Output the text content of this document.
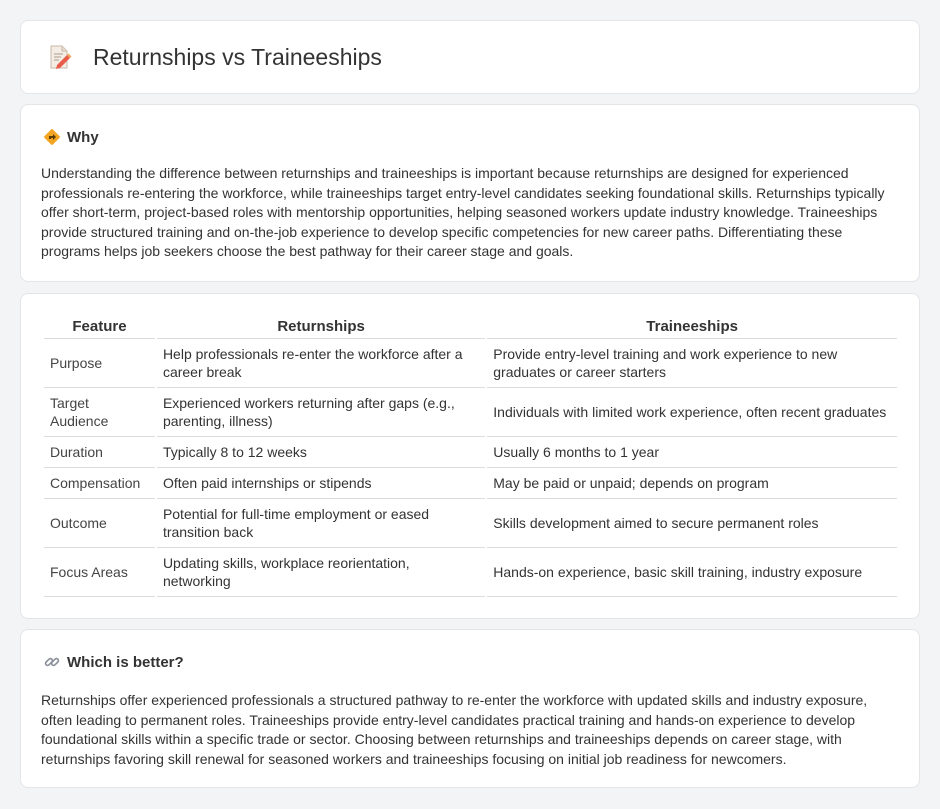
Returnships vs Traineeships
Why

Understanding the difference between returnships and traineeships is important because returnships are designed for experienced professionals re-entering the workforce, while traineeships target entry-level candidates seeking foundational skills. Returnships typically offer short-term, project-based roles with mentorship opportunities, helping seasoned workers update industry knowledge. Traineeships provide structured training and on-the-job experience to develop specific competencies for new career paths. Differentiating these programs helps job seekers choose the best pathway for their career stage and goals.

Feature	Returnships	Traineeships
Purpose	Help professionals re-enter the workforce after a career break	Provide entry-level training and work experience to new graduates or career starters
Target Audience	Experienced workers returning after gaps (e.g., parenting, illness)	Individuals with limited work experience, often recent graduates
Duration	Typically 8 to 12 weeks	Usually 6 months to 1 year
Compensation	Often paid internships or stipends	May be paid or unpaid; depends on program
Outcome	Potential for full-time employment or eased transition back	Skills development aimed to secure permanent roles
Focus Areas	Updating skills, workplace reorientation, networking	Hands-on experience, basic skill training, industry exposure
Which is better?

Returnships offer experienced professionals a structured pathway to re-enter the workforce with updated skills and industry exposure, often leading to permanent roles. Traineeships provide entry-level candidates practical training and hands-on experience to develop foundational skills within a specific trade or sector. Choosing between returnships and traineeships depends on career stage, with returnships favoring skill renewal for seasoned workers and traineeships focusing on initial job readiness for newcomers.
